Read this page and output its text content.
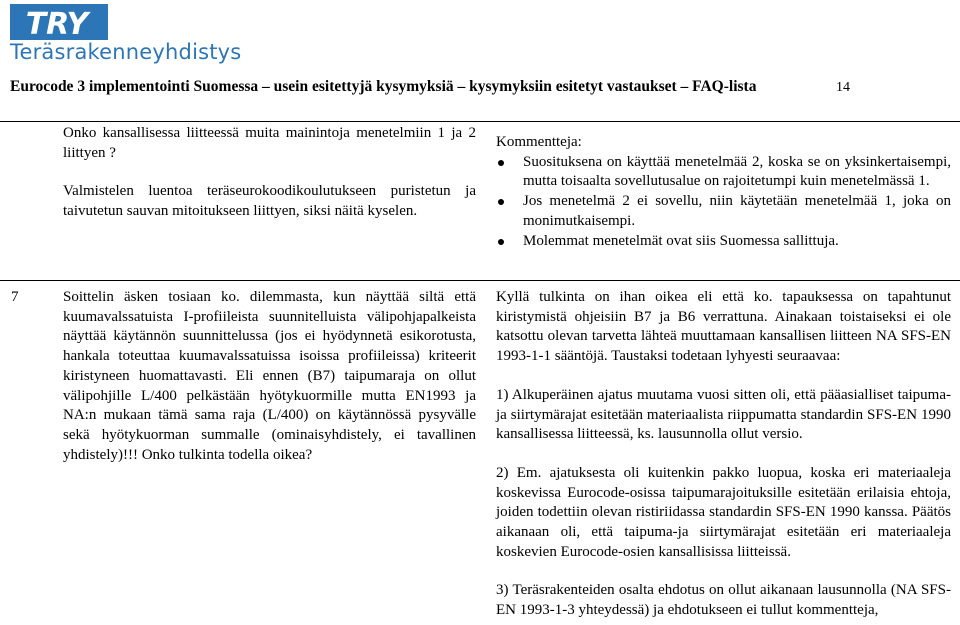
TRY
Teräsrakenneyhdistys
Eurocode 3 implementointi Suomessa – usein esitettyjä kysymyksiä – kysymyksiin esitetyt vastaukset – FAQ-lista	14

Onko kansallisessa liitteessä muita mainintoja menetelmiin 1 ja 2 liittyen ?

Valmistelen luentoa teräseurokoodikoulutukseen puristetun ja taivutetun sauvan mitoitukseen liittyen, siksi näitä kyselen.

Kommentteja:

Suosituksena on käyttää menetelmää 2, koska se on yksinkertaisempi, mutta toisaalta sovellutusalue on rajoitetumpi kuin menetelmässä 1.
Jos menetelmä 2 ei sovellu, niin käytetään menetelmää 1, joka on monimutkaisempi.
Molemmat menetelmät ovat siis Suomessa sallittuja.
7	Soittelin äsken tosiaan ko. dilemmasta, kun näyttää siltä että kuumavalssatuista I-profiileista suunnitelluista välipohjapalkeista näyttää käytännön suunnittelussa (jos ei hyödynnetä esikorotusta, hankala toteuttaa kuumavalssatuissa isoissa profiileissa) kriteerit kiristyneen huomattavasti. Eli ennen (B7) taipumaraja on ollut välipohjille L/400 pelkästään hyötykuormille mutta EN1993 ja NA:n mukaan tämä sama raja (L/400) on käytännössä pysyvälle sekä hyötykuorman summalle (ominaisyhdistely, ei tavallinen yhdistely)!!! Onko tulkinta todella oikea?

Kyllä tulkinta on ihan oikea eli että ko. tapauksessa on tapahtunut kiristymistä ohjeisiin B7 ja B6 verrattuna. Ainakaan toistaiseksi ei ole katsottu olevan tarvetta lähteä muuttamaan kansallisen liitteen NA SFS-EN 1993-1-1 sääntöjä. Taustaksi todetaan lyhyesti seuraavaa:

1) Alkuperäinen ajatus muutama vuosi sitten oli, että pääasialliset taipuma- ja siirtymärajat esitetään materiaalista riippumatta standardin SFS-EN 1990 kansallisessa liitteessä, ks. lausunnolla ollut versio.

2) Em. ajatuksesta oli kuitenkin pakko luopua, koska eri materiaaleja koskevissa Eurocode-osissa taipumarajoituksille esitetään erilaisia ehtoja, joiden todettiin olevan ristiriidassa standardin SFS-EN 1990 kanssa. Päätös aikanaan oli, että taipuma-ja siirtymärajat esitetään eri materiaaleja koskevien Eurocode-osien kansallisissa liitteissä.

3) Teräsrakenteiden osalta ehdotus on ollut aikanaan lausunnolla (NA SFS-EN 1993-1-3 yhteydessä) ja ehdotukseen ei tullut kommentteja,
